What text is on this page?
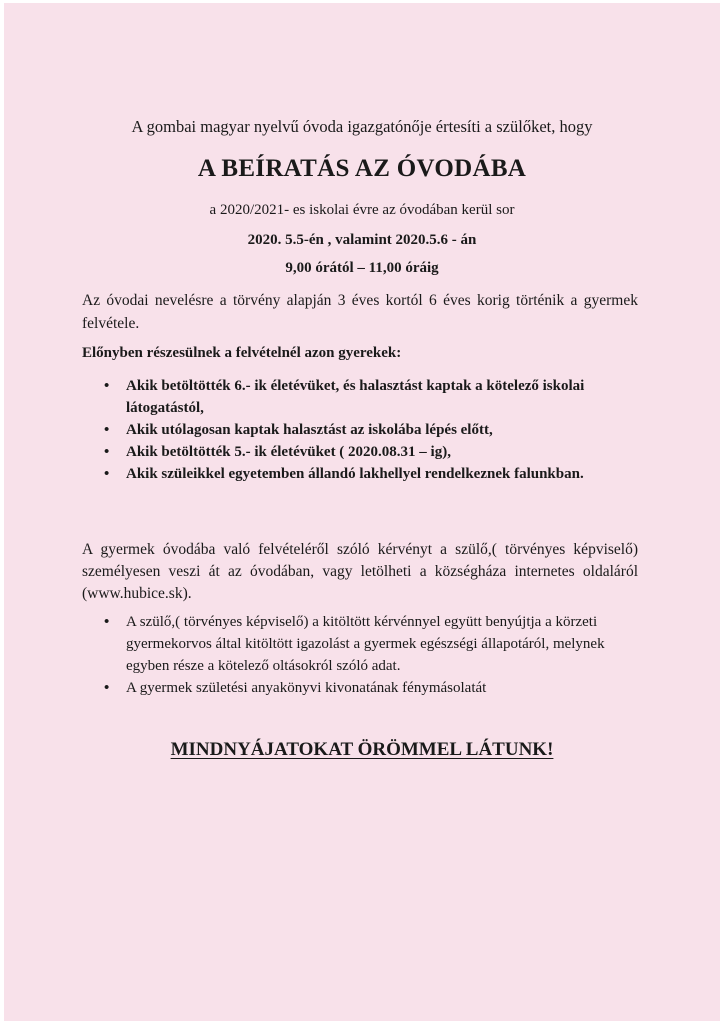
A gombai magyar nyelvű óvoda igazgatónője értesíti a szülőket, hogy
A BEÍRATÁS AZ ÓVODÁBA
a 2020/2021- es iskolai évre az óvodában kerül sor
2020. 5.5-én , valamint 2020.5.6 - án
9,00 órától – 11,00 óráig
Az óvodai nevelésre a törvény alapján 3 éves kortól 6 éves korig történik a gyermek felvétele.
Előnyben részesülnek a felvételnél azon gyerekek:
• Akik betöltötték 6.- ik életévüket, és halasztást kaptak a kötelező iskolai látogatástól,
• Akik utólagosan kaptak halasztást az iskolába lépés előtt,
• Akik betöltötték 5.- ik életévüket ( 2020.08.31 – ig),
• Akik szüleikkel egyetemben állandó lakhellyel rendelkeznek falunkban.
A gyermek óvodába való felvételéről szóló kérvényt a szülő,( törvényes képviselő) személyesen veszi át az óvodában, vagy letölheti a községháza internetes oldaláról (www.hubice.sk).
• A szülő,( törvényes képviselő) a kitöltött kérvénnyel együtt benyújtja a körzeti gyermekorvos által kitöltött igazolást a gyermek egészségi állapotáról, melynek egyben része a kötelező oltásokról szóló adat.
• A gyermek születési anyakönyvi kivonatának fénymásolatát
MINDNYÁJATOKAT ÖRÖMMEL LÁTUNK!
